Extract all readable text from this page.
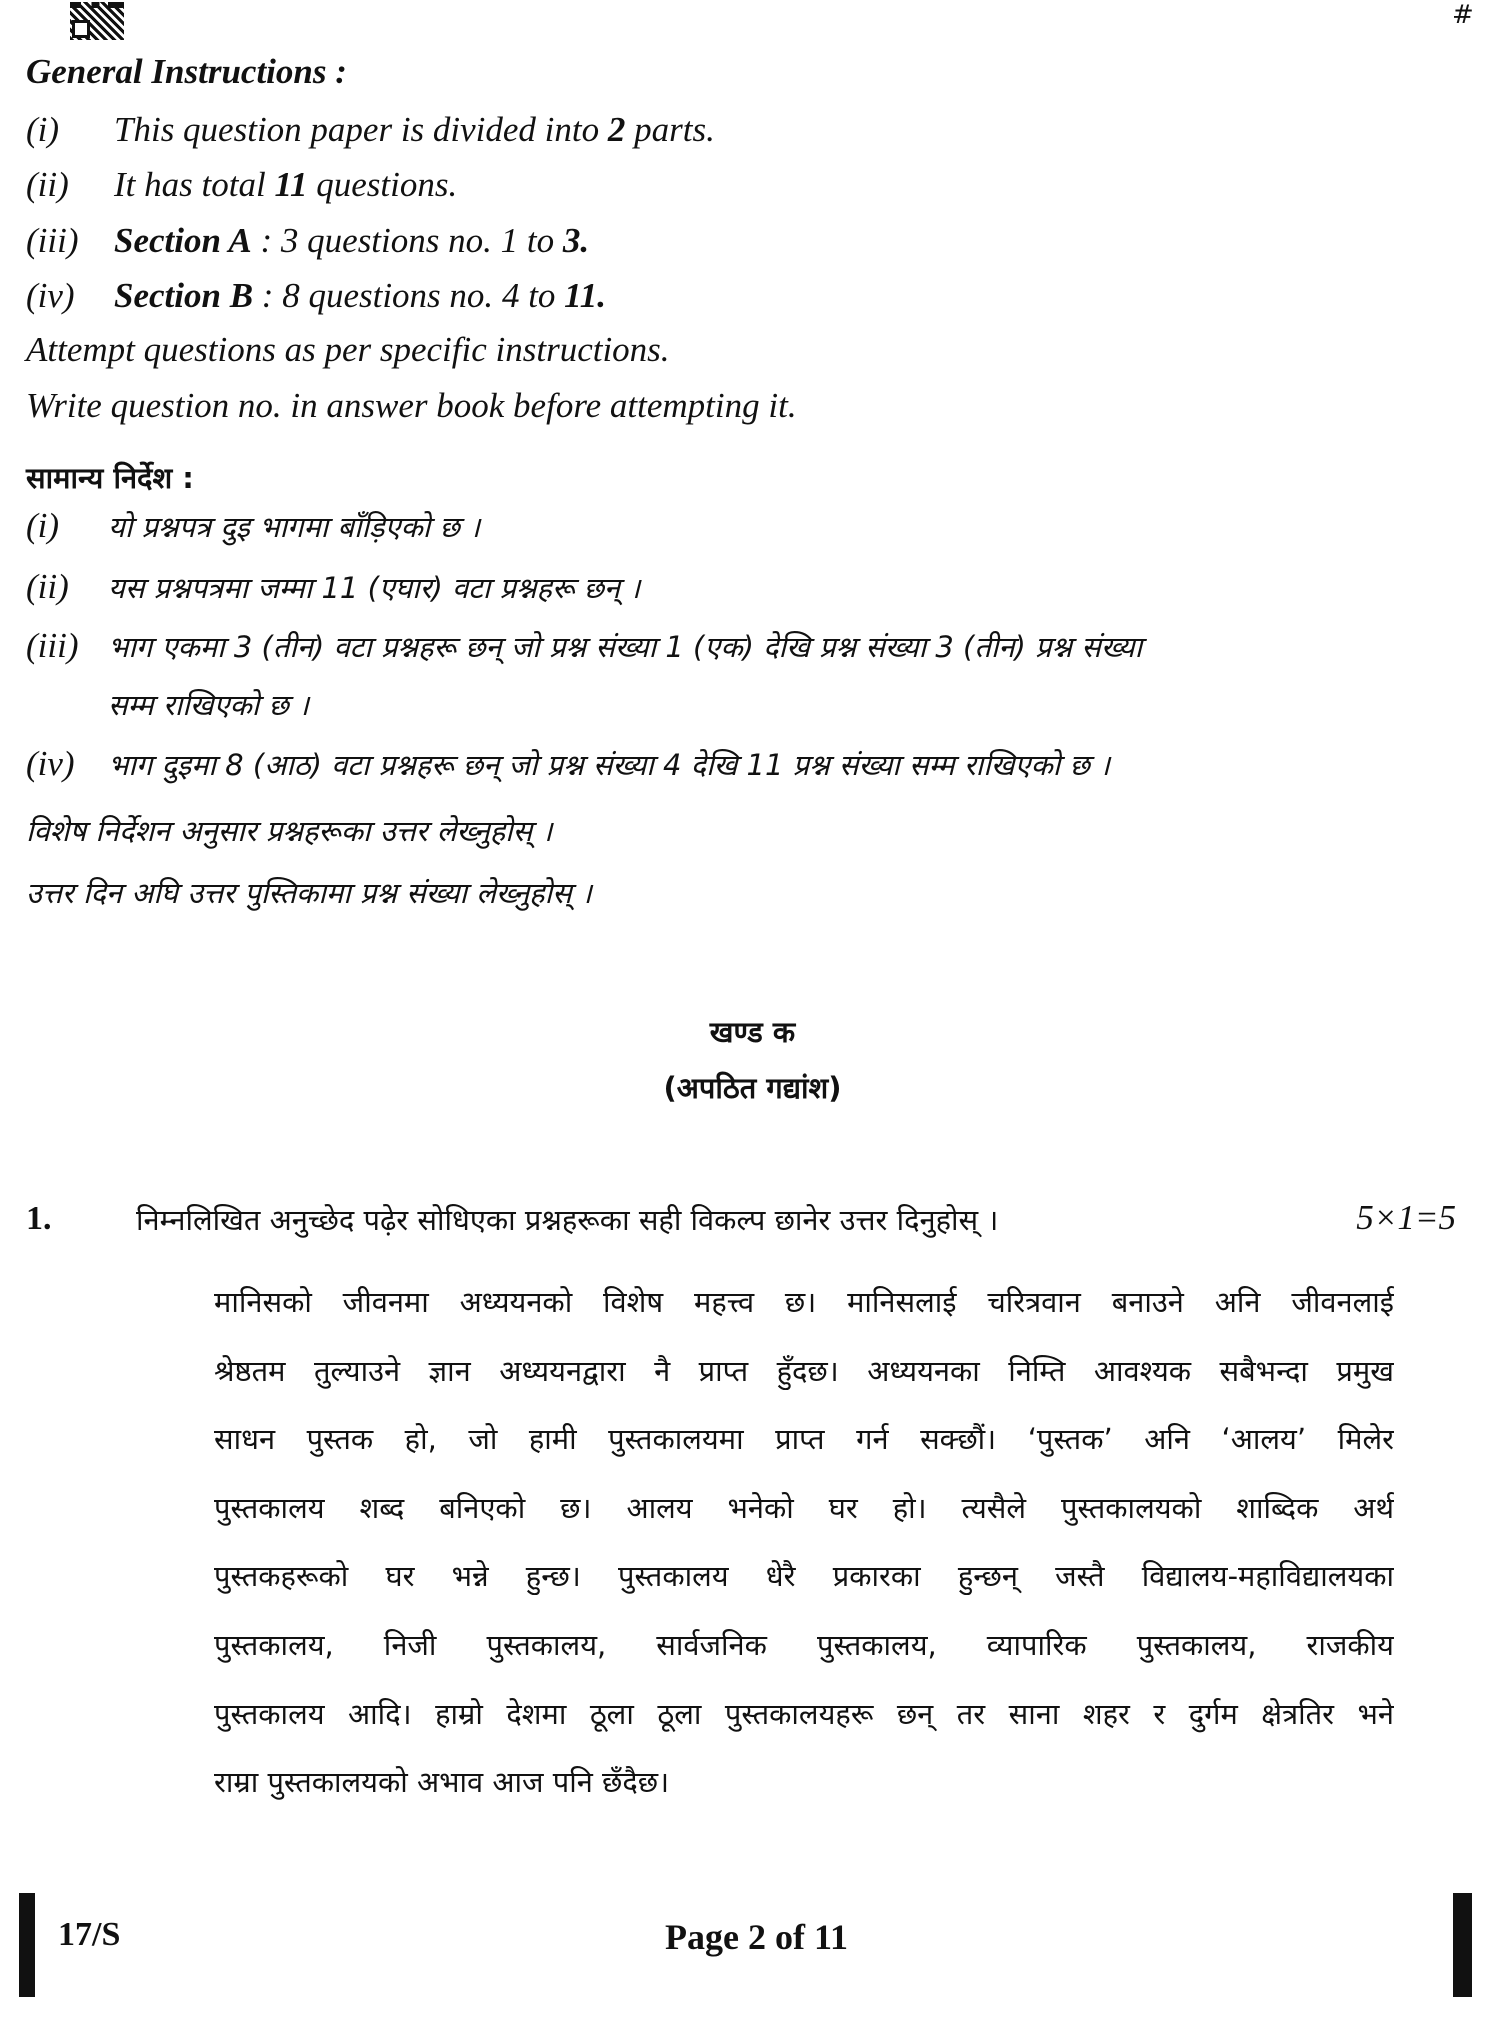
#
General Instructions :
(i) This question paper is divided into 2 parts.
(ii) It has total 11 questions.
(iii) Section A : 3 questions no. 1 to 3.
(iv) Section B : 8 questions no. 4 to 11.
Attempt questions as per specific instructions.
Write question no. in answer book before attempting it.
सामान्य निर्देश :
(i) यो प्रश्नपत्र दुइ भागमा बाँड़िएको छ ।
(ii) यस प्रश्नपत्रमा जम्मा 11 (एघार) वटा प्रश्नहरू छन् ।
(iii) भाग एकमा 3 (तीन) वटा प्रश्नहरू छन् जो प्रश्न संख्या 1 (एक) देखि प्रश्न संख्या 3 (तीन) प्रश्न संख्या
सम्म राखिएको छ ।
(iv) भाग दुइमा 8 (आठ) वटा प्रश्नहरू छन् जो प्रश्न संख्या 4 देखि 11 प्रश्न संख्या सम्म राखिएको छ ।
विशेष निर्देशन अनुसार प्रश्नहरूका उत्तर लेख्नुहोस् ।
उत्तर दिन अघि उत्तर पुस्तिकामा प्रश्न संख्या लेख्नुहोस् ।
खण्ड क
(अपठित गद्यांश)
1.	निम्नलिखित अनुच्छेद पढ़ेर सोधिएका प्रश्नहरूका सही विकल्प छानेर उत्तर दिनुहोस् ।	5×1=5
मानिसको जीवनमा अध्ययनको विशेष महत्त्व छ। मानिसलाई चरित्रवान बनाउने अनि जीवनलाई
श्रेष्ठतम तुल्याउने ज्ञान अध्ययनद्वारा नै प्राप्त हुँदछ। अध्ययनका निम्ति आवश्यक सबैभन्दा प्रमुख
साधन पुस्तक हो, जो हामी पुस्तकालयमा प्राप्त गर्न सक्छौं। ‘पुस्तक’ अनि ‘आलय’ मिलेर
पुस्तकालय शब्द बनिएको छ। आलय भनेको घर हो। त्यसैले पुस्तकालयको शाब्दिक अर्थ
पुस्तकहरूको घर भन्ने हुन्छ। पुस्तकालय धेरै प्रकारका हुन्छन् जस्तै विद्यालय-महाविद्यालयका
पुस्तकालय, निजी पुस्तकालय, सार्वजनिक पुस्तकालय, व्यापारिक पुस्तकालय, राजकीय
पुस्तकालय आदि। हाम्रो देशमा ठूला ठूला पुस्तकालयहरू छन् तर साना शहर र दुर्गम क्षेत्रतिर भने
राम्रा पुस्तकालयको अभाव आज पनि छँदैछ।
17/S	Page 2 of 11
